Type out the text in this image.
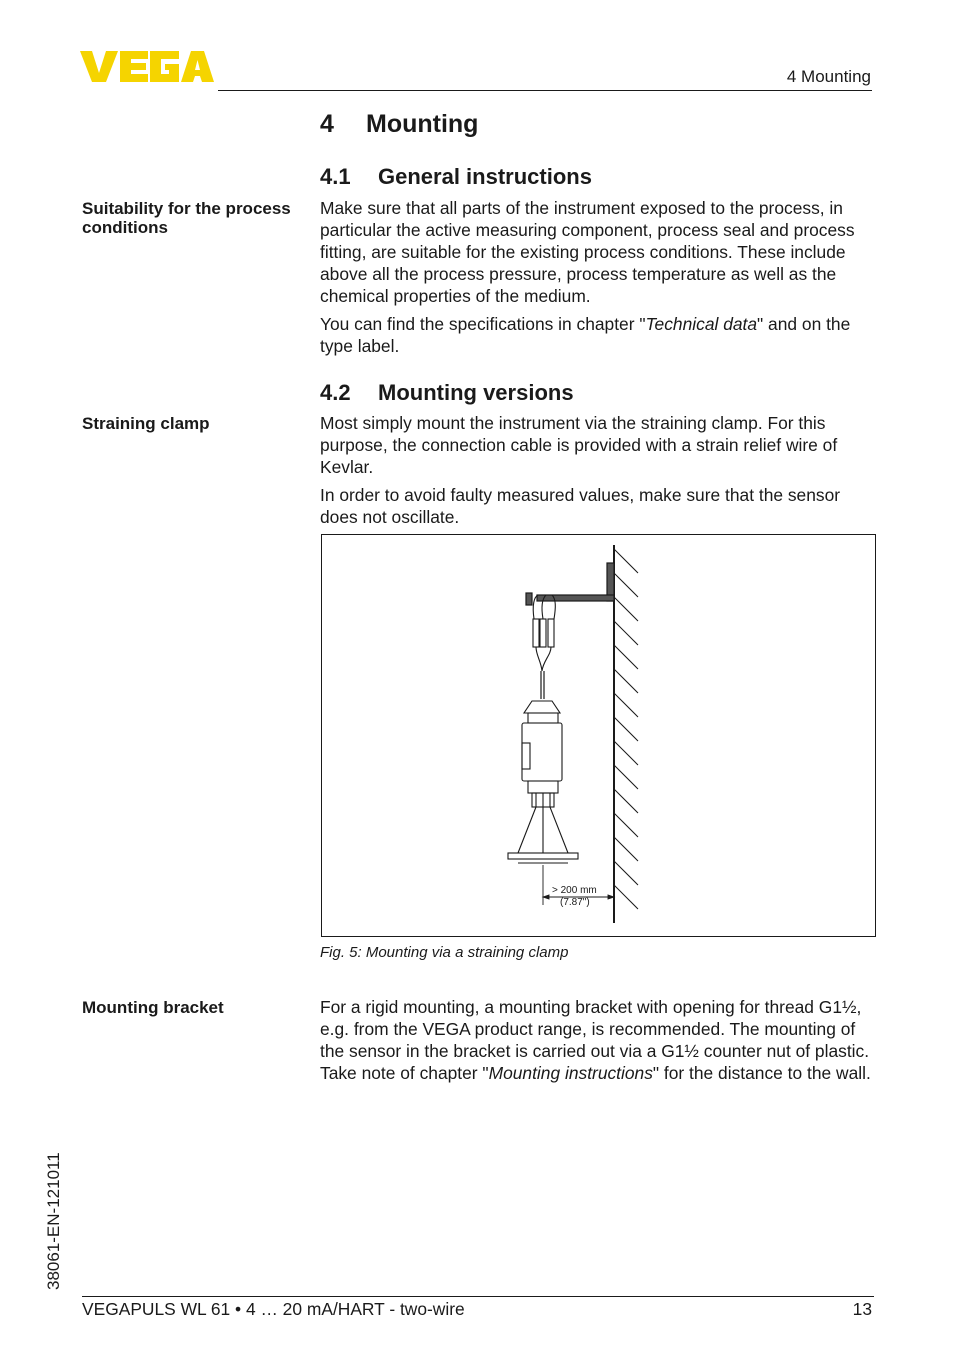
4 Mounting
4 Mounting
4.1 General instructions
Suitability for the process conditions

Make sure that all parts of the instrument exposed to the process, in particular the active measuring component, process seal and process fitting, are suitable for the existing process conditions. These include above all the process pressure, process temperature as well as the chemical properties of the medium.

You can find the specifications in chapter "Technical data" and on the type label.

4.2 Mounting versions
Straining clamp	Most simply mount the instrument via the straining clamp. For this purpose, the connection cable is provided with a strain relief wire of Kevlar.

In order to avoid faulty measured values, make sure that the sensor does not oscillate.

> 200 mm
(7.87")
Fig. 5: Mounting via a straining clamp
Mounting bracket	For a rigid mounting, a mounting bracket with opening for thread G1½, e.g. from the VEGA product range, is recommended. The mounting of the sensor in the bracket is carried out via a G1½ counter nut of plastic. Take note of chapter "Mounting instructions" for the distance to the wall.

38061-EN-121011
VEGAPULS WL 61 • 4 … 20 mA/HART - two-wire	13
